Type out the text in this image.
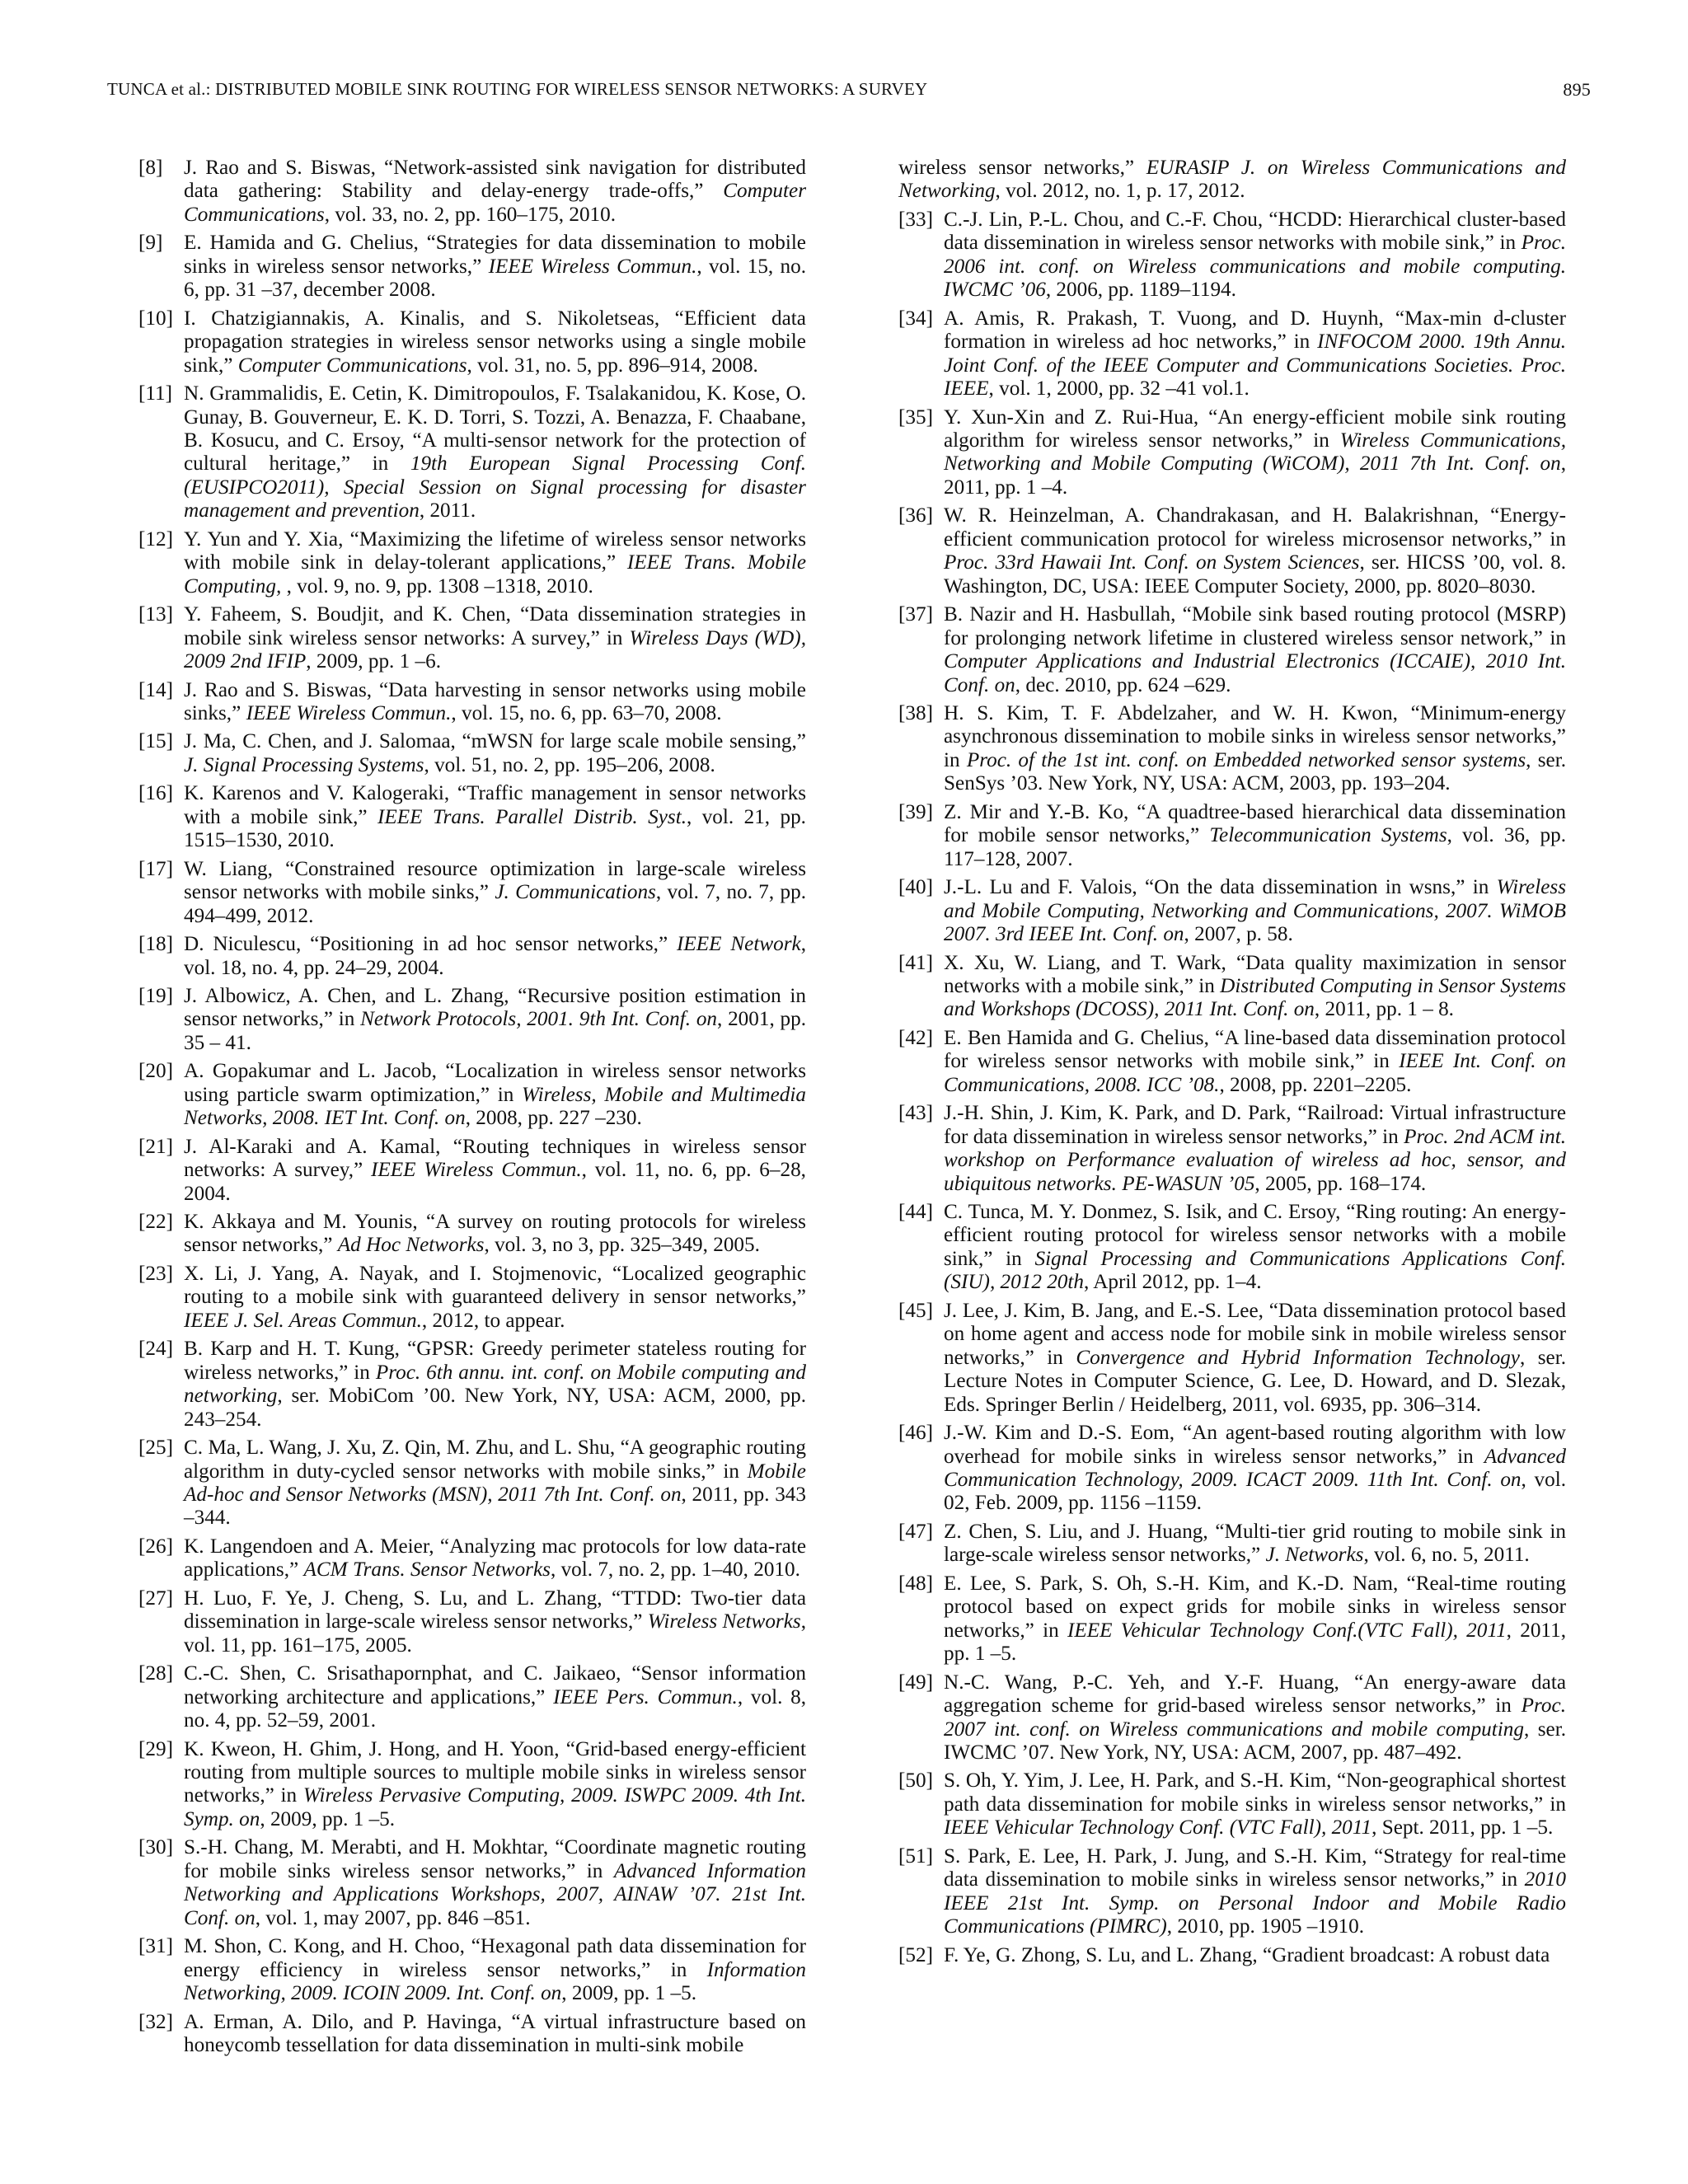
TUNCA et al.: DISTRIBUTED MOBILE SINK ROUTING FOR WIRELESS SENSOR NETWORKS: A SURVEY	895
[8]	J. Rao and S. Biswas, “Network-assisted sink navigation for distributed data gathering: Stability and delay-energy trade-offs,” Computer Communications, vol. 33, no. 2, pp. 160–175, 2010.
[9]	E. Hamida and G. Chelius, “Strategies for data dissemination to mobile sinks in wireless sensor networks,” IEEE Wireless Commun., vol. 15, no. 6, pp. 31 –37, december 2008.
[10] I. Chatzigiannakis, A. Kinalis, and S. Nikoletseas, “Efficient data propagation strategies in wireless sensor networks using a single mobile sink,” Computer Communications, vol. 31, no. 5, pp. 896–914, 2008.
[11] N. Grammalidis, E. Cetin, K. Dimitropoulos, F. Tsalakanidou, K. Kose, O. Gunay, B. Gouverneur, E. K. D. Torri, S. Tozzi, A. Benazza, F. Chaabane, B. Kosucu, and C. Ersoy, “A multi-sensor network for the protection of cultural heritage,” in 19th European Signal Processing Conf. (EUSIPCO2011), Special Session on Signal processing for disaster management and prevention, 2011.
[12] Y. Yun and Y. Xia, “Maximizing the lifetime of wireless sensor networks with mobile sink in delay-tolerant applications,” IEEE Trans. Mobile Computing, , vol. 9, no. 9, pp. 1308 –1318, 2010.
[13] Y. Faheem, S. Boudjit, and K. Chen, “Data dissemination strategies in mobile sink wireless sensor networks: A survey,” in Wireless Days (WD), 2009 2nd IFIP, 2009, pp. 1 –6.
[14] J. Rao and S. Biswas, “Data harvesting in sensor networks using mobile sinks,” IEEE Wireless Commun., vol. 15, no. 6, pp. 63–70, 2008.
[15] J. Ma, C. Chen, and J. Salomaa, “mWSN for large scale mobile sensing,” J. Signal Processing Systems, vol. 51, no. 2, pp. 195–206, 2008.
[16] K. Karenos and V. Kalogeraki, “Traffic management in sensor networks with a mobile sink,” IEEE Trans. Parallel Distrib. Syst., vol. 21, pp. 1515–1530, 2010.
[17] W. Liang, “Constrained resource optimization in large-scale wireless sensor networks with mobile sinks,” J. Communications, vol. 7, no. 7, pp. 494–499, 2012.
[18] D. Niculescu, “Positioning in ad hoc sensor networks,” IEEE Network, vol. 18, no. 4, pp. 24–29, 2004.
[19] J. Albowicz, A. Chen, and L. Zhang, “Recursive position estimation in sensor networks,” in Network Protocols, 2001. 9th Int. Conf. on, 2001, pp. 35 – 41.
[20] A. Gopakumar and L. Jacob, “Localization in wireless sensor networks using particle swarm optimization,” in Wireless, Mobile and Multimedia Networks, 2008. IET Int. Conf. on, 2008, pp. 227 –230.
[21] J. Al-Karaki and A. Kamal, “Routing techniques in wireless sensor networks: A survey,” IEEE Wireless Commun., vol. 11, no. 6, pp. 6–28, 2004.
[22] K. Akkaya and M. Younis, “A survey on routing protocols for wireless sensor networks,” Ad Hoc Networks, vol. 3, no 3, pp. 325–349, 2005.
[23] X. Li, J. Yang, A. Nayak, and I. Stojmenovic, “Localized geographic routing to a mobile sink with guaranteed delivery in sensor networks,” IEEE J. Sel. Areas Commun., 2012, to appear.
[24] B. Karp and H. T. Kung, “GPSR: Greedy perimeter stateless routing for wireless networks,” in Proc. 6th annu. int. conf. on Mobile computing and networking, ser. MobiCom ’00. New York, NY, USA: ACM, 2000, pp. 243–254.
[25] C. Ma, L. Wang, J. Xu, Z. Qin, M. Zhu, and L. Shu, “A geographic routing algorithm in duty-cycled sensor networks with mobile sinks,” in Mobile Ad-hoc and Sensor Networks (MSN), 2011 7th Int. Conf. on, 2011, pp. 343 –344.
[26] K. Langendoen and A. Meier, “Analyzing mac protocols for low data-rate applications,” ACM Trans. Sensor Networks, vol. 7, no. 2, pp. 1–40, 2010.
[27] H. Luo, F. Ye, J. Cheng, S. Lu, and L. Zhang, “TTDD: Two-tier data dissemination in large-scale wireless sensor networks,” Wireless Networks, vol. 11, pp. 161–175, 2005.
[28] C.-C. Shen, C. Srisathapornphat, and C. Jaikaeo, “Sensor information networking architecture and applications,” IEEE Pers. Commun., vol. 8, no. 4, pp. 52–59, 2001.
[29] K. Kweon, H. Ghim, J. Hong, and H. Yoon, “Grid-based energy-efficient routing from multiple sources to multiple mobile sinks in wireless sensor networks,” in Wireless Pervasive Computing, 2009. ISWPC 2009. 4th Int. Symp. on, 2009, pp. 1 –5.
[30] S.-H. Chang, M. Merabti, and H. Mokhtar, “Coordinate magnetic routing for mobile sinks wireless sensor networks,” in Advanced Information Networking and Applications Workshops, 2007, AINAW ’07. 21st Int. Conf. on, vol. 1, may 2007, pp. 846 –851.
[31] M. Shon, C. Kong, and H. Choo, “Hexagonal path data dissemination for energy efficiency in wireless sensor networks,” in Information Networking, 2009. ICOIN 2009. Int. Conf. on, 2009, pp. 1 –5.
[32] A. Erman, A. Dilo, and P. Havinga, “A virtual infrastructure based on honeycomb tessellation for data dissemination in multi-sink mobile
wireless sensor networks,” EURASIP J. on Wireless Communications and Networking, vol. 2012, no. 1, p. 17, 2012.
[33] C.-J. Lin, P.-L. Chou, and C.-F. Chou, “HCDD: Hierarchical cluster-based data dissemination in wireless sensor networks with mobile sink,” in Proc. 2006 int. conf. on Wireless communications and mobile computing. IWCMC ’06, 2006, pp. 1189–1194.
[34] A. Amis, R. Prakash, T. Vuong, and D. Huynh, “Max-min d-cluster formation in wireless ad hoc networks,” in INFOCOM 2000. 19th Annu. Joint Conf. of the IEEE Computer and Communications Societies. Proc. IEEE, vol. 1, 2000, pp. 32 –41 vol.1.
[35] Y. Xun-Xin and Z. Rui-Hua, “An energy-efficient mobile sink routing algorithm for wireless sensor networks,” in Wireless Communications, Networking and Mobile Computing (WiCOM), 2011 7th Int. Conf. on, 2011, pp. 1 –4.
[36] W. R. Heinzelman, A. Chandrakasan, and H. Balakrishnan, “Energy-efficient communication protocol for wireless microsensor networks,” in Proc. 33rd Hawaii Int. Conf. on System Sciences, ser. HICSS ’00, vol. 8. Washington, DC, USA: IEEE Computer Society, 2000, pp. 8020–8030.
[37] B. Nazir and H. Hasbullah, “Mobile sink based routing protocol (MSRP) for prolonging network lifetime in clustered wireless sensor network,” in Computer Applications and Industrial Electronics (ICCAIE), 2010 Int. Conf. on, dec. 2010, pp. 624 –629.
[38] H. S. Kim, T. F. Abdelzaher, and W. H. Kwon, “Minimum-energy asynchronous dissemination to mobile sinks in wireless sensor networks,” in Proc. of the 1st int. conf. on Embedded networked sensor systems, ser. SenSys ’03. New York, NY, USA: ACM, 2003, pp. 193–204.
[39] Z. Mir and Y.-B. Ko, “A quadtree-based hierarchical data dissemination for mobile sensor networks,” Telecommunication Systems, vol. 36, pp. 117–128, 2007.
[40] J.-L. Lu and F. Valois, “On the data dissemination in wsns,” in Wireless and Mobile Computing, Networking and Communications, 2007. WiMOB 2007. 3rd IEEE Int. Conf. on, 2007, p. 58.
[41] X. Xu, W. Liang, and T. Wark, “Data quality maximization in sensor networks with a mobile sink,” in Distributed Computing in Sensor Systems and Workshops (DCOSS), 2011 Int. Conf. on, 2011, pp. 1 – 8.
[42] E. Ben Hamida and G. Chelius, “A line-based data dissemination protocol for wireless sensor networks with mobile sink,” in IEEE Int. Conf. on Communications, 2008. ICC ’08., 2008, pp. 2201–2205.
[43] J.-H. Shin, J. Kim, K. Park, and D. Park, “Railroad: Virtual infrastructure for data dissemination in wireless sensor networks,” in Proc. 2nd ACM int. workshop on Performance evaluation of wireless ad hoc, sensor, and ubiquitous networks. PE-WASUN ’05, 2005, pp. 168–174.
[44] C. Tunca, M. Y. Donmez, S. Isik, and C. Ersoy, “Ring routing: An energy-efficient routing protocol for wireless sensor networks with a mobile sink,” in Signal Processing and Communications Applications Conf. (SIU), 2012 20th, April 2012, pp. 1–4.
[45] J. Lee, J. Kim, B. Jang, and E.-S. Lee, “Data dissemination protocol based on home agent and access node for mobile sink in mobile wireless sensor networks,” in Convergence and Hybrid Information Technology, ser. Lecture Notes in Computer Science, G. Lee, D. Howard, and D. Slezak, Eds. Springer Berlin / Heidelberg, 2011, vol. 6935, pp. 306–314.
[46] J.-W. Kim and D.-S. Eom, “An agent-based routing algorithm with low overhead for mobile sinks in wireless sensor networks,” in Advanced Communication Technology, 2009. ICACT 2009. 11th Int. Conf. on, vol. 02, Feb. 2009, pp. 1156 –1159.
[47] Z. Chen, S. Liu, and J. Huang, “Multi-tier grid routing to mobile sink in large-scale wireless sensor networks,” J. Networks, vol. 6, no. 5, 2011.
[48] E. Lee, S. Park, S. Oh, S.-H. Kim, and K.-D. Nam, “Real-time routing protocol based on expect grids for mobile sinks in wireless sensor networks,” in IEEE Vehicular Technology Conf.(VTC Fall), 2011, 2011, pp. 1 –5.
[49] N.-C. Wang, P.-C. Yeh, and Y.-F. Huang, “An energy-aware data aggregation scheme for grid-based wireless sensor networks,” in Proc. 2007 int. conf. on Wireless communications and mobile computing, ser. IWCMC ’07. New York, NY, USA: ACM, 2007, pp. 487–492.
[50] S. Oh, Y. Yim, J. Lee, H. Park, and S.-H. Kim, “Non-geographical shortest path data dissemination for mobile sinks in wireless sensor networks,” in IEEE Vehicular Technology Conf. (VTC Fall), 2011, Sept. 2011, pp. 1 –5.
[51] S. Park, E. Lee, H. Park, J. Jung, and S.-H. Kim, “Strategy for real-time data dissemination to mobile sinks in wireless sensor networks,” in 2010 IEEE 21st Int. Symp. on Personal Indoor and Mobile Radio Communications (PIMRC), 2010, pp. 1905 –1910.
[52] F. Ye, G. Zhong, S. Lu, and L. Zhang, “Gradient broadcast: A robust data
